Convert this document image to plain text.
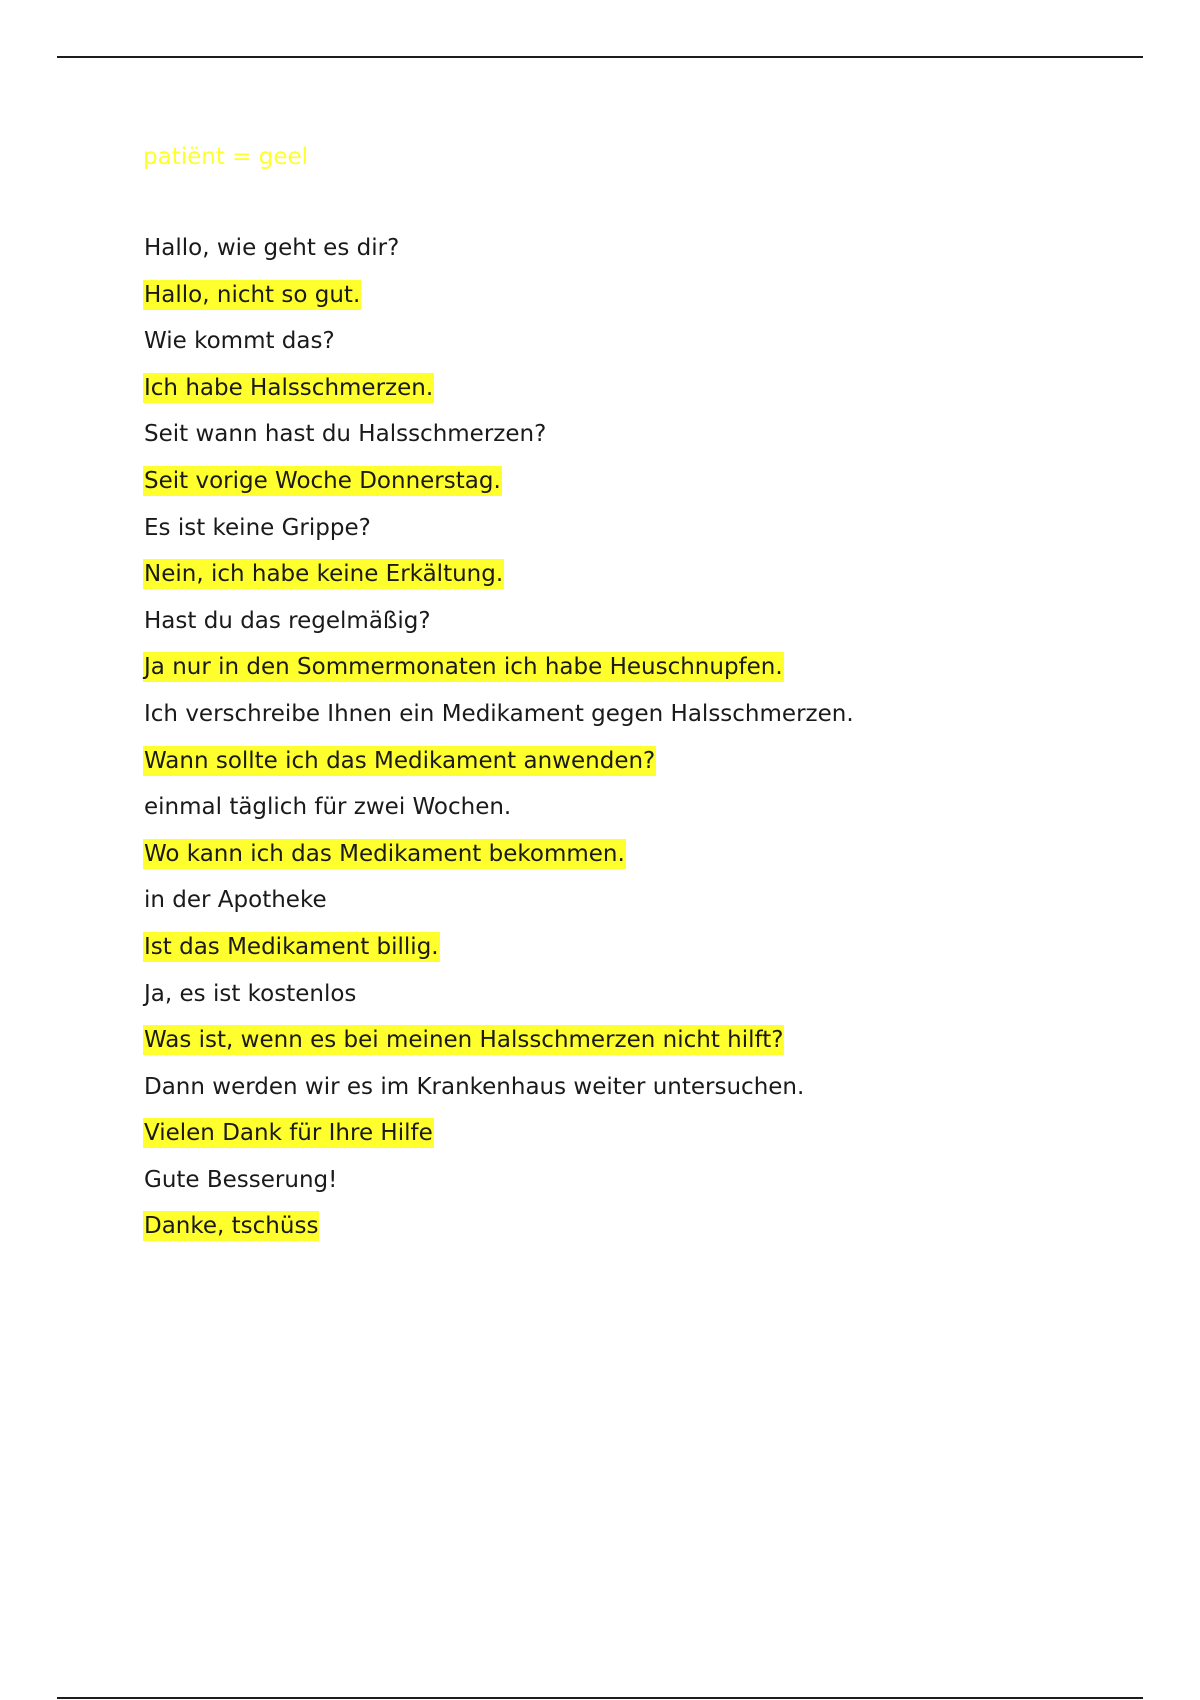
patiënt = geel
Hallo, wie geht es dir?
Hallo, nicht so gut.
Wie kommt das?
Ich habe Halsschmerzen.
Seit wann hast du Halsschmerzen?
Seit vorige Woche Donnerstag.
Es ist keine Grippe?
Nein, ich habe keine Erkältung.
Hast du das regelmäßig?
Ja nur in den Sommermonaten ich habe Heuschnupfen.
Ich verschreibe Ihnen ein Medikament gegen Halsschmerzen.
Wann sollte ich das Medikament anwenden?
einmal täglich für zwei Wochen.
Wo kann ich das Medikament bekommen.
in der Apotheke
Ist das Medikament billig.
Ja, es ist kostenlos
Was ist, wenn es bei meinen Halsschmerzen nicht hilft?
Dann werden wir es im Krankenhaus weiter untersuchen.
Vielen Dank für Ihre Hilfe
Gute Besserung!
Danke, tschüss
